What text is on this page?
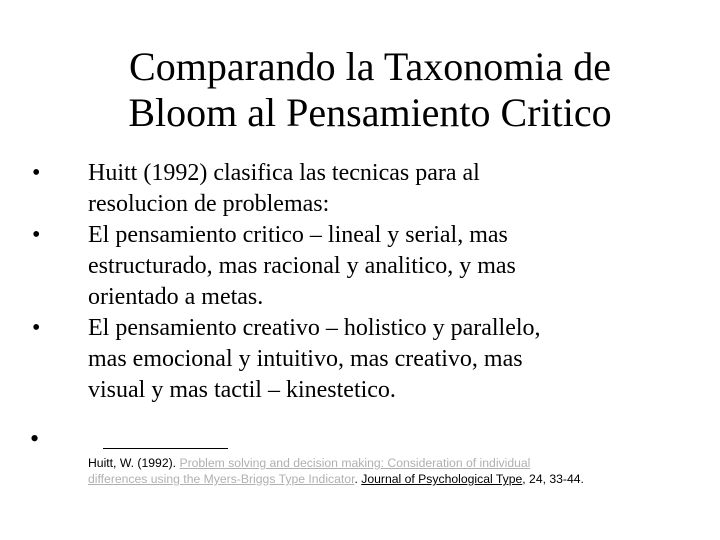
Comparando la Taxonomia de
Bloom al Pensamiento Critico
•	Huitt (1992) clasifica las tecnicas para al
resolucion de problemas:
•	El pensamiento critico – lineal y serial, mas
estructurado, mas racional y analitico, y mas
orientado a metas.
•	El pensamiento creativo – holistico y parallelo,
mas emocional y intuitivo, mas creativo, mas
visual y mas tactil – kinestetico.
•
Huitt, W. (1992). Problem solving and decision making: Consideration of individual
differences using the Myers-Briggs Type Indicator. Journal of Psychological Type, 24, 33-44.
